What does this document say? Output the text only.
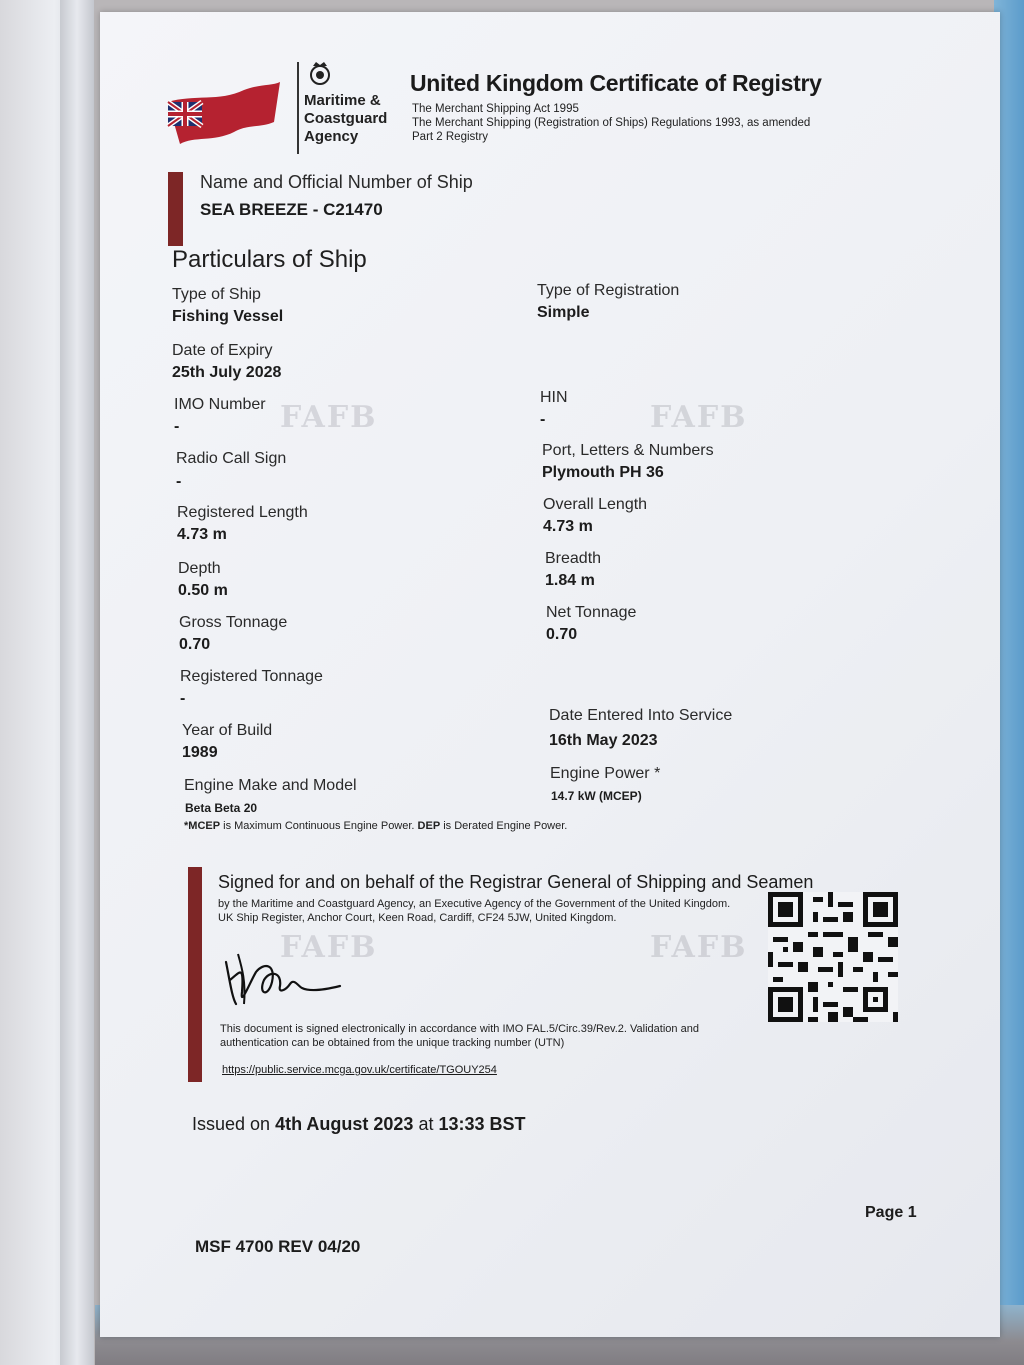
Maritime & Coastguard Agency
United Kingdom Certificate of Registry
The Merchant Shipping Act 1995
The Merchant Shipping (Registration of Ships) Regulations 1993, as amended
Part 2 Registry
Name and Official Number of Ship
SEA BREEZE - C21470
Particulars of Ship
Type of Ship
Fishing Vessel
Date of Expiry
25th July 2028
IMO Number
-
Radio Call Sign
-
Registered Length
4.73 m
Depth
0.50 m
Gross Tonnage
0.70
Registered Tonnage
-
Year of Build
1989
Engine Make and Model
Beta Beta 20
Type of Registration
Simple
HIN
-
Port, Letters & Numbers
Plymouth PH 36
Overall Length
4.73 m
Breadth
1.84 m
Net Tonnage
0.70
Date Entered Into Service
16th May 2023
Engine Power *
14.7 kW (MCEP)
*MCEP is Maximum Continuous Engine Power. DEP is Derated Engine Power.
FAFB	FAFB
FAFB	FAFB
Signed for and on behalf of the Registrar General of Shipping and Seamen
by the Maritime and Coastguard Agency, an Executive Agency of the Government of the United Kingdom. UK Ship Register, Anchor Court, Keen Road, Cardiff, CF24 5JW, United Kingdom.
This document is signed electronically in accordance with IMO FAL.5/Circ.39/Rev.2. Validation and authentication can be obtained from the unique tracking number (UTN)
https://public.service.mcga.gov.uk/certificate/TGOUY254
Issued on 4th August 2023 at 13:33 BST
Page 1
MSF 4700 REV 04/20
